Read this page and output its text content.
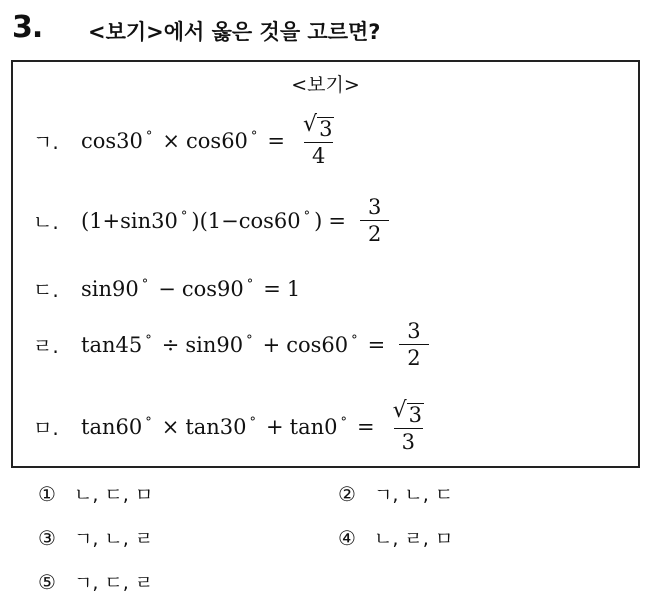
3. <보기>에서 옳은 것을 고르면?
<보기>
ㄱ.	cos30 ° × cos60 ° = $\frac{√ 3}{4}$
ㄴ.	(1+sin30 ° )(1−cos60 ° ) = $\frac{3}{2}$
ㄷ.	sin90 ° − cos90 ° = 1
ㄹ.	tan45 ° ÷ sin90 ° + cos60 ° = $\frac{3}{2}$
ㅁ.	tan60 ° × tan30 ° + tan0 ° = $\frac{√ 3}{3}$
① ㄴ, ㄷ, ㅁ	② ㄱ, ㄴ, ㄷ
③ ㄱ, ㄴ, ㄹ	④ ㄴ, ㄹ, ㅁ
⑤ ㄱ, ㄷ, ㄹ
